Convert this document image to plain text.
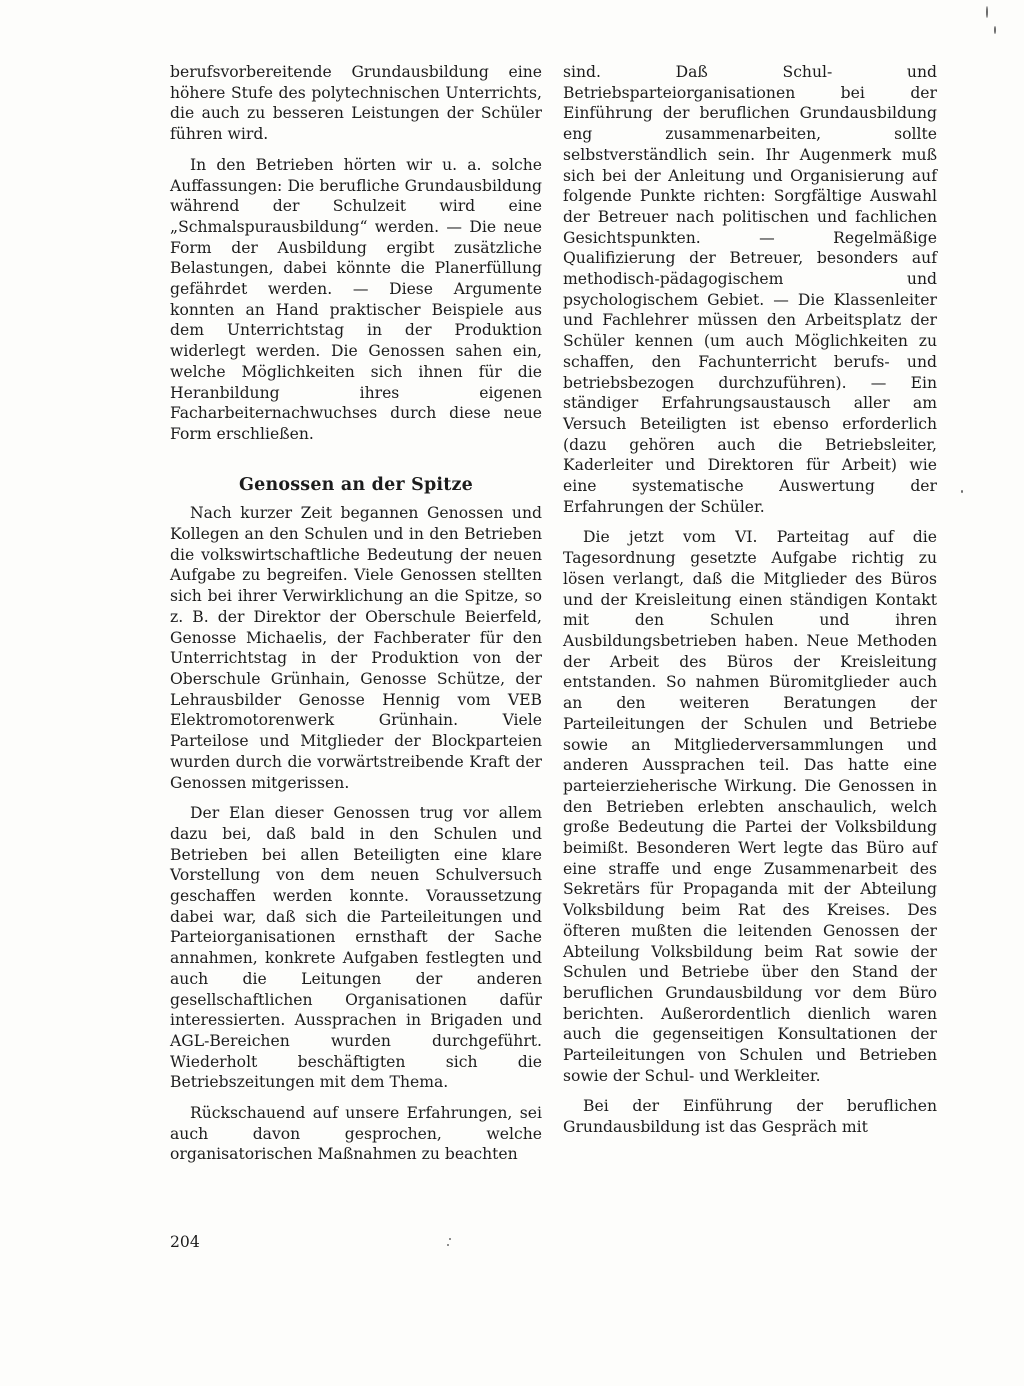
berufsvorbereitende Grundausbildung eine höhere Stufe des polytechnischen Unterrichts, die auch zu besseren Leistungen der Schüler führen wird.

In den Betrieben hörten wir u. a. solche Auffassungen: Die berufliche Grundausbildung während der Schulzeit wird eine „Schmalspurausbildung“ werden. — Die neue Form der Ausbildung ergibt zusätzliche Belastungen, dabei könnte die Planerfüllung gefährdet werden. — Diese Argumente konnten an Hand praktischer Beispiele aus dem Unterrichtstag in der Produktion widerlegt werden. Die Genossen sahen ein, welche Möglichkeiten sich ihnen für die Heranbildung ihres eigenen Facharbeiternachwuchses durch diese neue Form erschließen.

Genossen an der Spitze

Nach kurzer Zeit begannen Genossen und Kollegen an den Schulen und in den Betrieben die volkswirtschaftliche Bedeutung der neuen Aufgabe zu begreifen. Viele Genossen stellten sich bei ihrer Verwirklichung an die Spitze, so z. B. der Direktor der Oberschule Beierfeld, Genosse Michaelis, der Fachberater für den Unterrichtstag in der Produktion von der Oberschule Grünhain, Genosse Schütze, der Lehrausbilder Genosse Hennig vom VEB Elektromotorenwerk Grünhain. Viele Parteilose und Mitglieder der Blockparteien wurden durch die vorwärtstreibende Kraft der Genossen mitgerissen.

Der Elan dieser Genossen trug vor allem dazu bei, daß bald in den Schulen und Betrieben bei allen Beteiligten eine klare Vorstellung von dem neuen Schulversuch geschaffen werden konnte. Voraussetzung dabei war, daß sich die Parteileitungen und Parteiorganisationen ernsthaft der Sache annahmen, konkrete Aufgaben festlegten und auch die Leitungen der anderen gesellschaftlichen Organisationen dafür interessierten. Aussprachen in Brigaden und AGL-Bereichen wurden durchgeführt. Wiederholt beschäftigten sich die Betriebszeitungen mit dem Thema.

Rückschauend auf unsere Erfahrungen, sei auch davon gesprochen, welche organisatorischen Maßnahmen zu beachten

sind. Daß Schul- und Betriebsparteiorganisationen bei der Einführung der beruflichen Grundausbildung eng zusammenarbeiten, sollte selbstverständlich sein. Ihr Augenmerk muß sich bei der Anleitung und Organisierung auf folgende Punkte richten: Sorgfältige Auswahl der Betreuer nach politischen und fachlichen Gesichtspunkten. — Regelmäßige Qualifizierung der Betreuer, besonders auf methodisch-pädagogischem und psychologischem Gebiet. — Die Klassenleiter und Fachlehrer müssen den Arbeitsplatz der Schüler kennen (um auch Möglichkeiten zu schaffen, den Fachunterricht berufs- und betriebsbezogen durchzuführen). — Ein ständiger Erfahrungsaustausch aller am Versuch Beteiligten ist ebenso erforderlich (dazu gehören auch die Betriebsleiter, Kaderleiter und Direktoren für Arbeit) wie eine systematische Auswertung der Erfahrungen der Schüler.

Die jetzt vom VI. Parteitag auf die Tagesordnung gesetzte Aufgabe richtig zu lösen verlangt, daß die Mitglieder des Büros und der Kreisleitung einen ständigen Kontakt mit den Schulen und ihren Ausbildungsbetrieben haben. Neue Methoden der Arbeit des Büros der Kreisleitung entstanden. So nahmen Büromitglieder auch an den weiteren Beratungen der Parteileitungen der Schulen und Betriebe sowie an Mitgliederversammlungen und anderen Aussprachen teil. Das hatte eine parteierzieherische Wirkung. Die Genossen in den Betrieben erlebten anschaulich, welch große Bedeutung die Partei der Volksbildung beimißt. Besonderen Wert legte das Büro auf eine straffe und enge Zusammenarbeit des Sekretärs für Propaganda mit der Abteilung Volksbildung beim Rat des Kreises. Des öfteren mußten die leitenden Genossen der Abteilung Volksbildung beim Rat sowie der Schulen und Betriebe über den Stand der beruflichen Grundausbildung vor dem Büro berichten. Außerordentlich dienlich waren auch die gegenseitigen Konsultationen der Parteileitungen von Schulen und Betrieben sowie der Schul- und Werkleiter.

Bei der Einführung der beruflichen Grundausbildung ist das Gespräch mit

204
